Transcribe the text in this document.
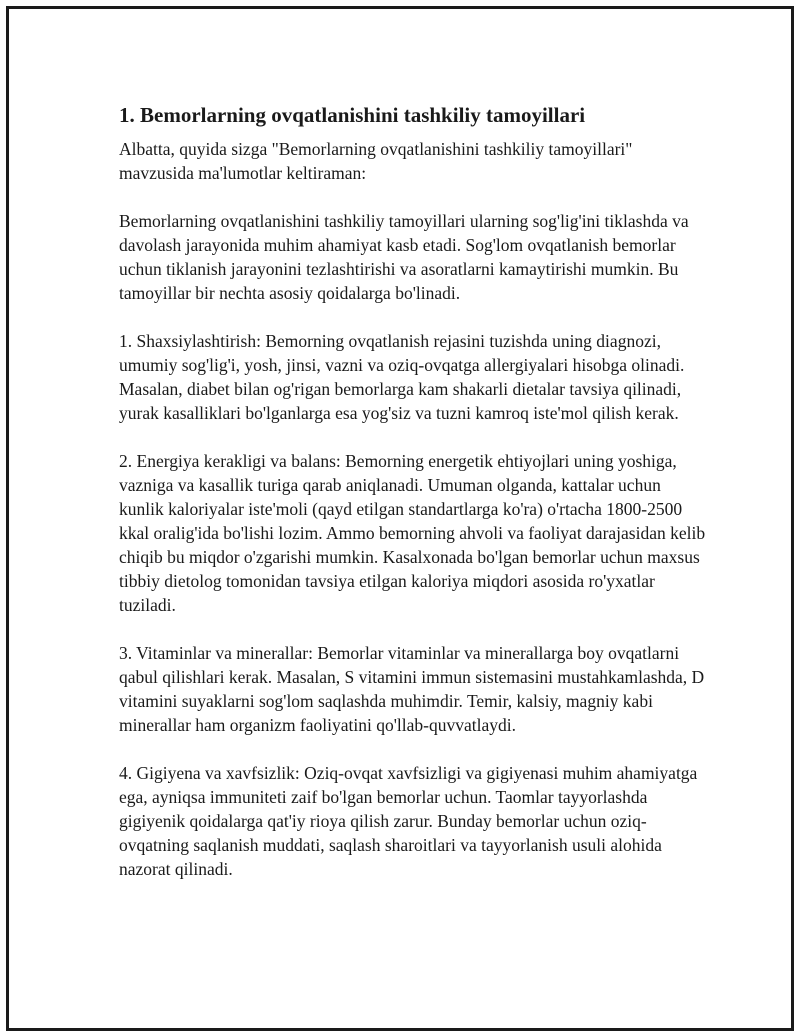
1. Bemorlarning ovqatlanishini tashkiliy tamoyillari

Albatta, quyida sizga "Bemorlarning ovqatlanishini tashkiliy tamoyillari" mavzusida ma'lumotlar keltiraman:

Bemorlarning ovqatlanishini tashkiliy tamoyillari ularning sog'lig'ini tiklashda va davolash jarayonida muhim ahamiyat kasb etadi. Sog'lom ovqatlanish bemorlar uchun tiklanish jarayonini tezlashtirishi va asoratlarni kamaytirishi mumkin. Bu tamoyillar bir nechta asosiy qoidalarga bo'linadi.

1. Shaxsiylashtirish: Bemorning ovqatlanish rejasini tuzishda uning diagnozi, umumiy sog'lig'i, yosh, jinsi, vazni va oziq-ovqatga allergiyalari hisobga olinadi. Masalan, diabet bilan og'rigan bemorlarga kam shakarli dietalar tavsiya qilinadi, yurak kasalliklari bo'lganlarga esa yog'siz va tuzni kamroq iste'mol qilish kerak.

2. Energiya kerakligi va balans: Bemorning energetik ehtiyojlari uning yoshiga, vazniga va kasallik turiga qarab aniqlanadi. Umuman olganda, kattalar uchun kunlik kaloriyalar iste'moli (qayd etilgan standartlarga ko'ra) o'rtacha 1800-2500 kkal oralig'ida bo'lishi lozim. Ammo bemorning ahvoli va faoliyat darajasidan kelib chiqib bu miqdor o'zgarishi mumkin. Kasalxonada bo'lgan bemorlar uchun maxsus tibbiy dietolog tomonidan tavsiya etilgan kaloriya miqdori asosida ro'yxatlar tuziladi.

3. Vitaminlar va minerallar: Bemorlar vitaminlar va minerallarga boy ovqatlarni qabul qilishlari kerak. Masalan, S vitamini immun sistemasini mustahkamlashda, D vitamini suyaklarni sog'lom saqlashda muhimdir. Temir, kalsiy, magniy kabi minerallar ham organizm faoliyatini qo'llab-quvvatlaydi.

4. Gigiyena va xavfsizlik: Oziq-ovqat xavfsizligi va gigiyenasi muhim ahamiyatga ega, ayniqsa immuniteti zaif bo'lgan bemorlar uchun. Taomlar tayyorlashda gigiyenik qoidalarga qat'iy rioya qilish zarur. Bunday bemorlar uchun oziq-ovqatning saqlanish muddati, saqlash sharoitlari va tayyorlanish usuli alohida nazorat qilinadi.
